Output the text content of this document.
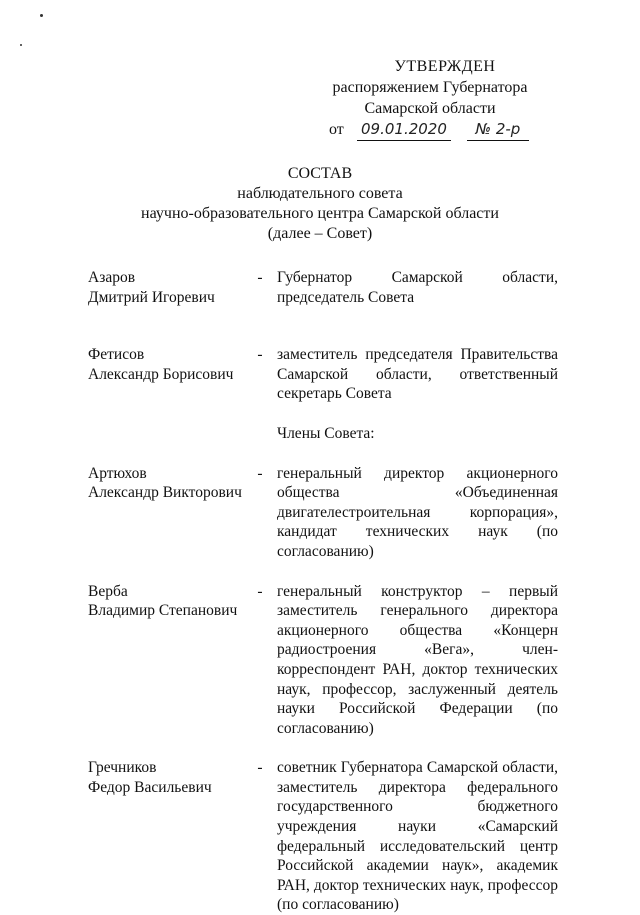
УТВЕРЖДЕН
распоряжением Губернатора
Самарской области
от 09.01.2020 № 2-р
СОСТАВ
наблюдательного совета
научно-образовательного центра Самарской области
(далее – Совет)
Азаров
Дмитрий Игоревич
- Губернатор Самарской области, председатель Совета
Фетисов
Александр Борисович
- заместитель председателя Правительства Самарской области, ответственный секретарь Совета
Члены Совета:
Артюхов
Александр Викторович
- генеральный директор акционерного общества «Объединенная двигателестроительная корпорация», кандидат технических наук (по согласованию)
Верба
Владимир Степанович
- генеральный конструктор – первый заместитель генерального директора акционерного общества «Концерн радиостроения «Вега», член-корреспондент РАН, доктор технических наук, профессор, заслуженный деятель науки Российской Федерации (по согласованию)
Гречников
Федор Васильевич
- советник Губернатора Самарской области, заместитель директора федерального государственного бюджетного учреждения науки «Самарский федеральный исследовательский центр Российской академии наук», академик РАН, доктор технических наук, профессор (по согласованию)
